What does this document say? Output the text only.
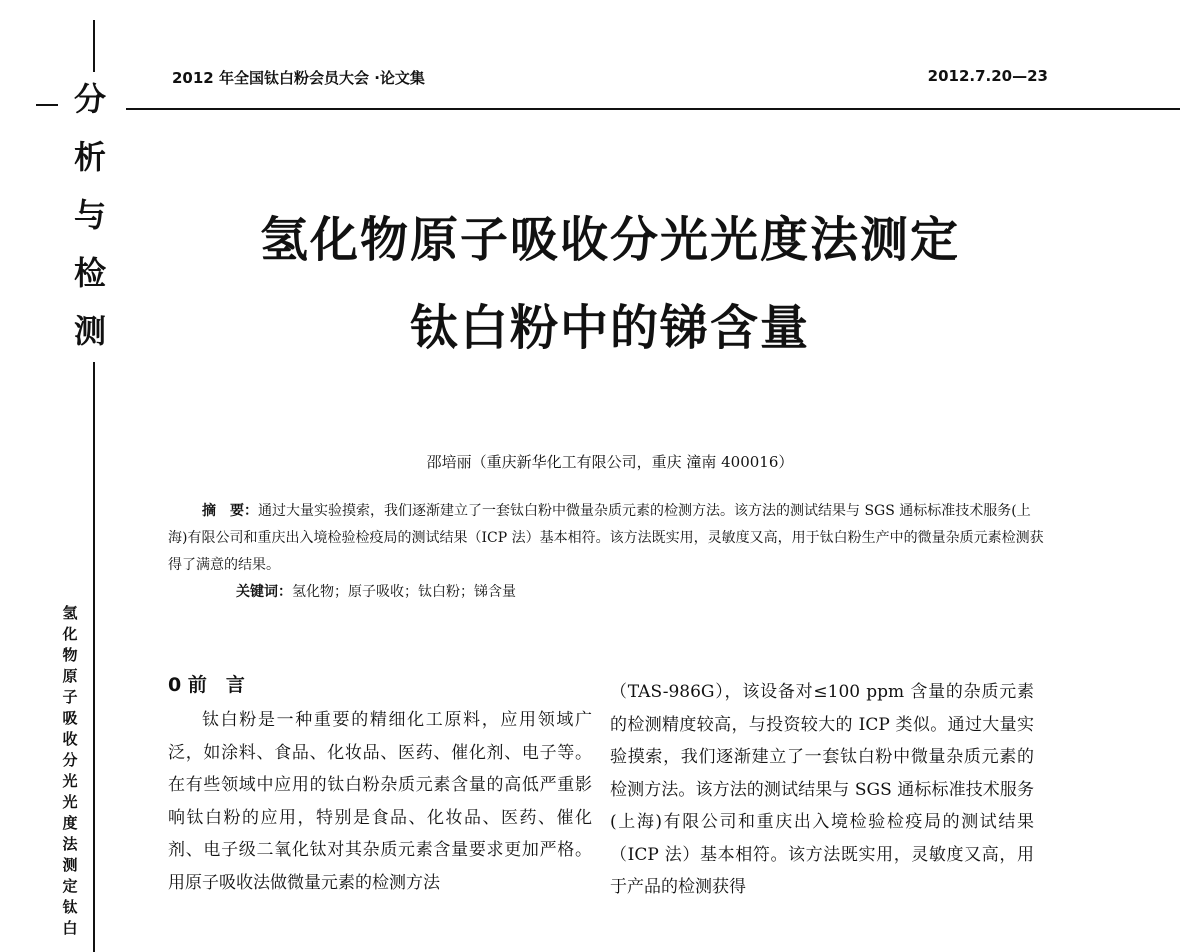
分
析
与
检
测
氢
化
物
原
子
吸
收
分
光
光
度
法
测
定
钛
白
2012 年全国钛白粉会员大会 ·论文集	2012.7.20—23
氢化物原子吸收分光光度法测定
钛白粉中的锑含量
邵培丽（重庆新华化工有限公司，重庆 潼南 400016）

摘　要：通过大量实验摸索，我们逐渐建立了一套钛白粉中微量杂质元素的检测方法。该方法的测试结果与 SGS 通标标准技术服务(上海)有限公司和重庆出入境检验检疫局的测试结果（ICP 法）基本相符。该方法既实用，灵敏度又高，用于钛白粉生产中的微量杂质元素检测获得了满意的结果。

关键词：氢化物；原子吸收；钛白粉；锑含量

0 前　言

钛白粉是一种重要的精细化工原料，应用领域广泛，如涂料、食品、化妆品、医药、催化剂、电子等。在有些领域中应用的钛白粉杂质元素含量的高低严重影响钛白粉的应用，特别是食品、化妆品、医药、催化剂、电子级二氧化钛对其杂质元素含量要求更加严格。用原子吸收法做微量元素的检测方法

（TAS-986G），该设备对≤100 ppm 含量的杂质元素的检测精度较高，与投资较大的 ICP 类似。通过大量实验摸索，我们逐渐建立了一套钛白粉中微量杂质元素的检测方法。该方法的测试结果与 SGS 通标标准技术服务(上海)有限公司和重庆出入境检验检疫局的测试结果（ICP 法）基本相符。该方法既实用，灵敏度又高，用于产品的检测获得
